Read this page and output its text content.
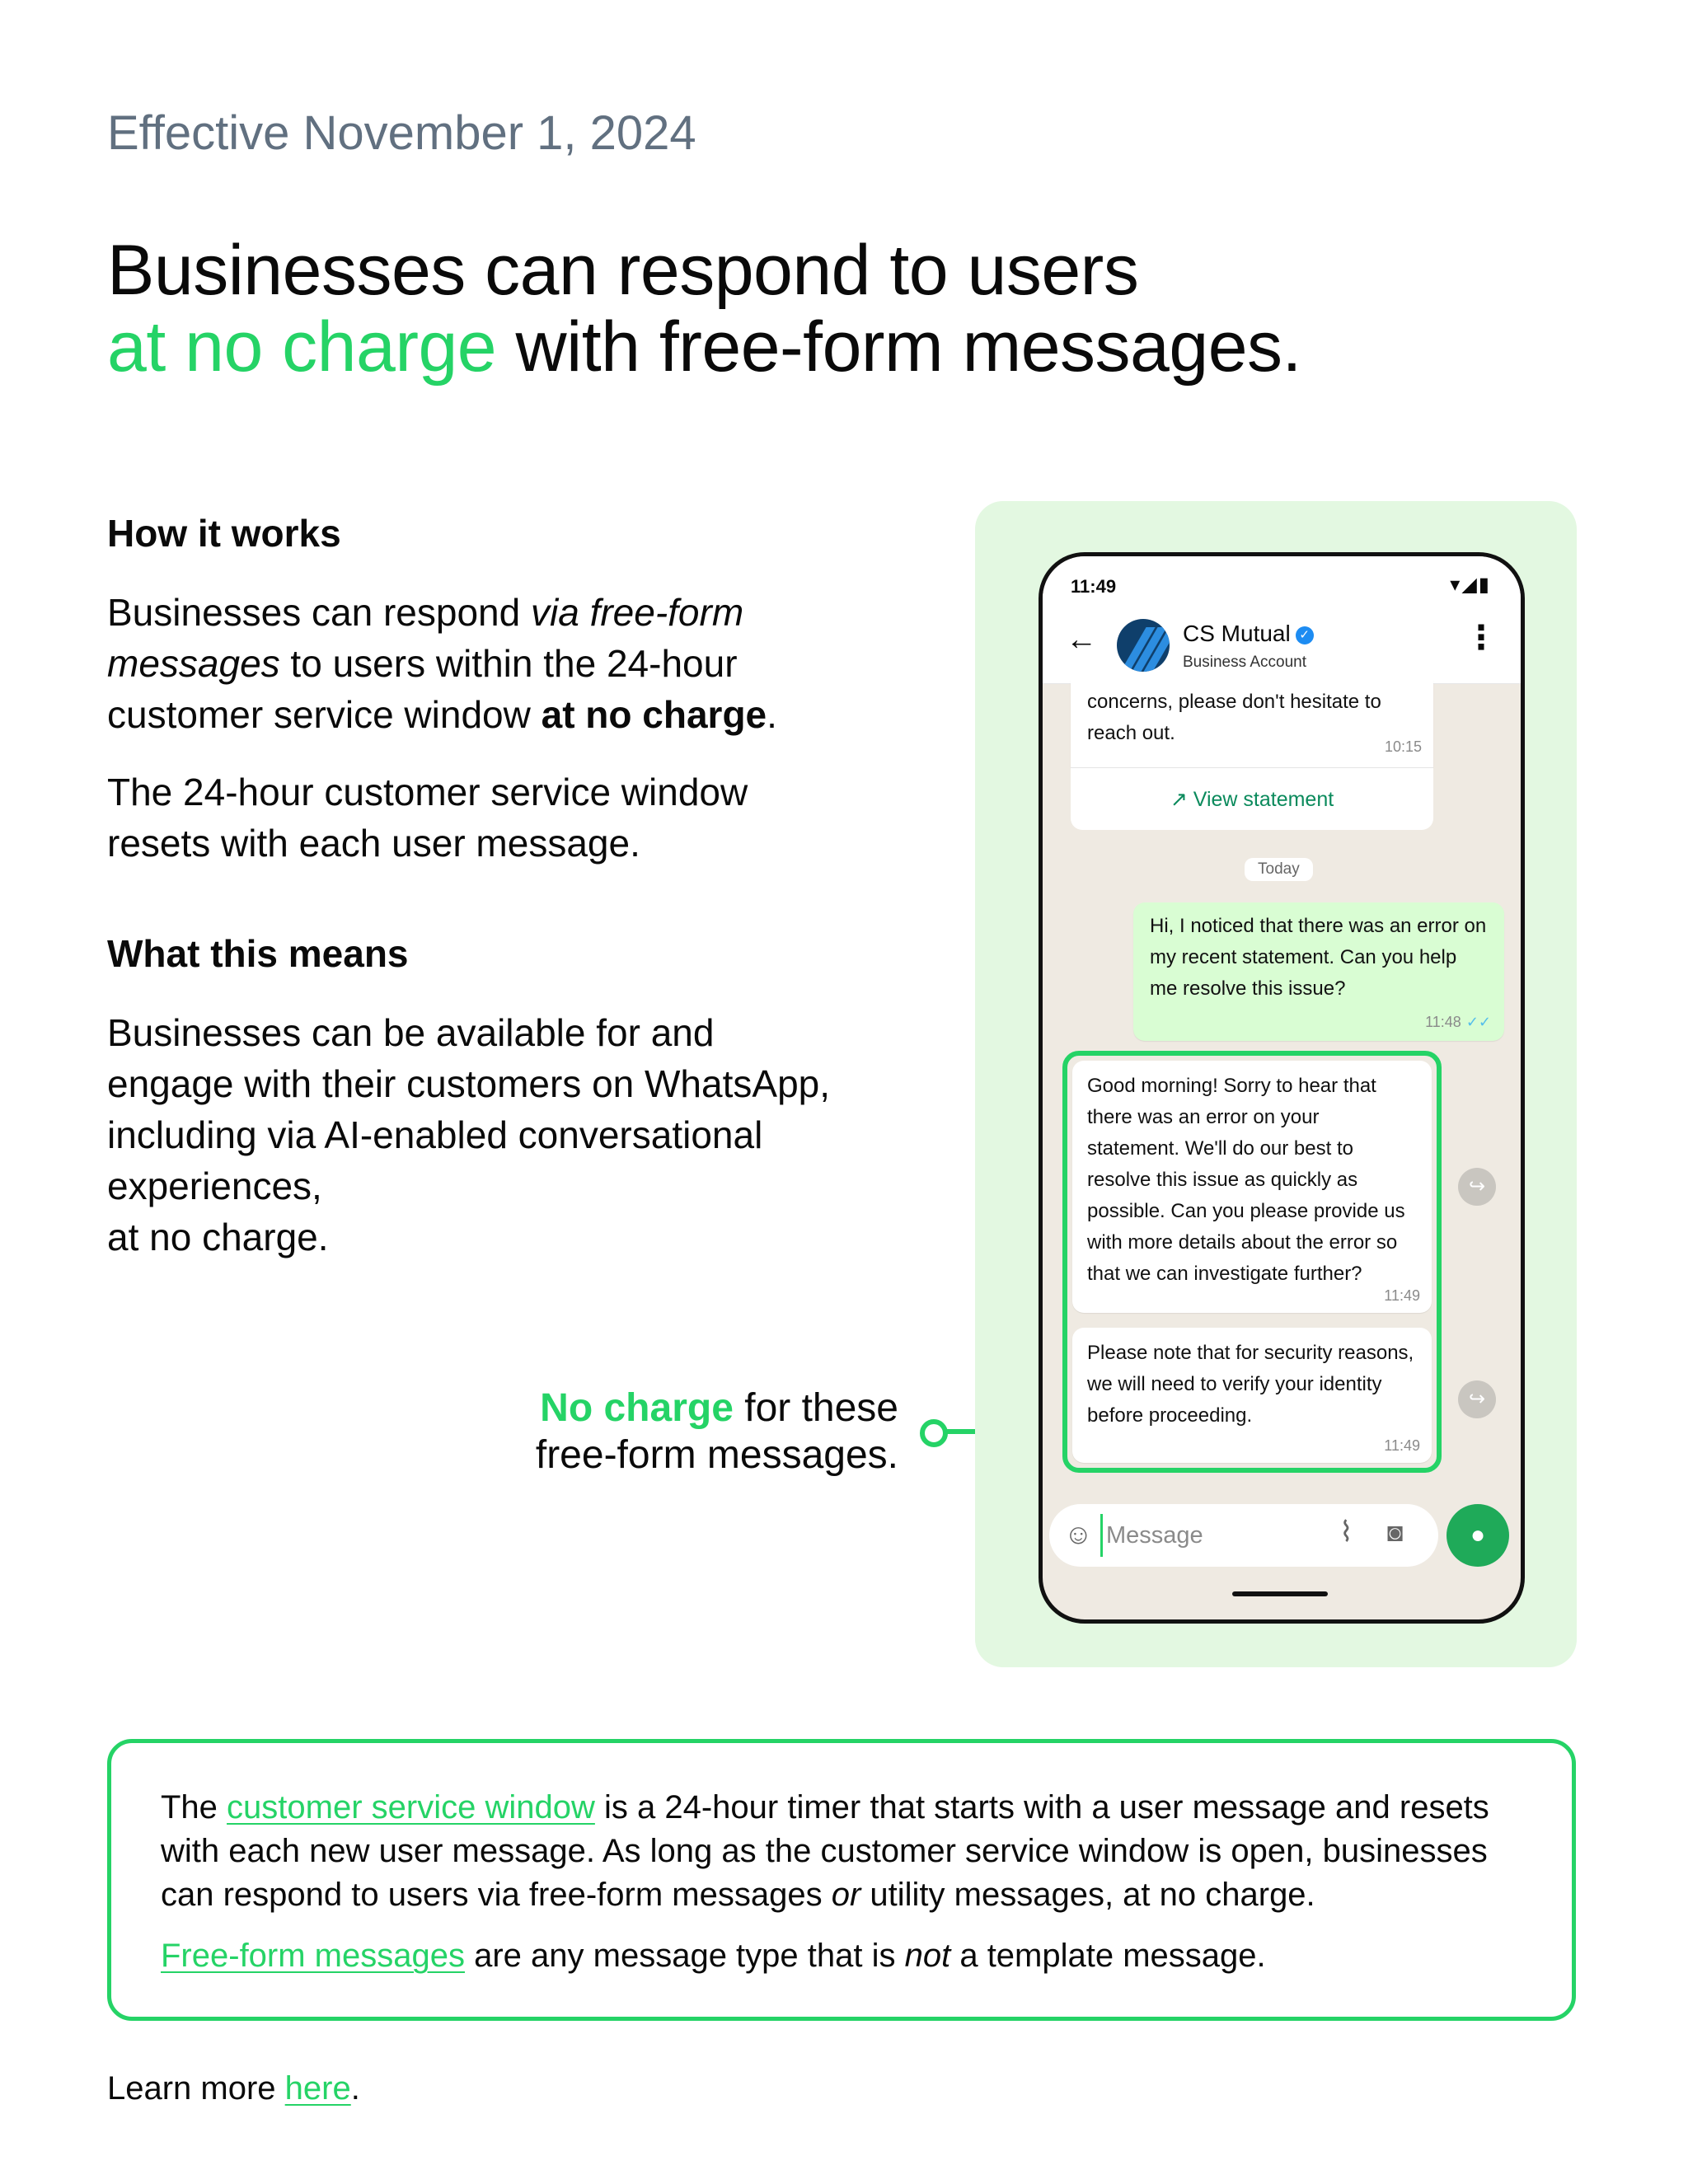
Effective November 1, 2024
Businesses can respond to users
at no charge with free-form messages.
How it works
Businesses can respond via free-form messages to users within the 24-hour customer service window at no charge.
The 24-hour customer service window resets with each user message.
What this means
Businesses can be available for and engage with their customers on WhatsApp, including via AI-enabled conversational experiences,
at no charge.
No charge for these
free-form messages.
11:49	▾◢▮
←	CS Mutual ✓
Business Account
⋮
concerns, please don't hesitate to reach out.
10:15
↗ View statement
Today
Hi, I noticed that there was an error on my recent statement. Can you help me resolve this issue?
11:48 ✓✓
Good morning! Sorry to hear that there was an error on your statement. We'll do our best to resolve this issue as quickly as possible. Can you please provide us with more details about the error so that we can investigate further?
11:49
Please note that for security reasons, we will need to verify your identity before proceeding.
11:49
↪
↪
☺
Message	⌇ ◙	●
The customer service window is a 24-hour timer that starts with a user message and resets with each new user message. As long as the customer service window is open, businesses can respond to users via free-form messages or utility messages, at no charge.
Free-form messages are any message type that is not a template message.
Learn more here.
